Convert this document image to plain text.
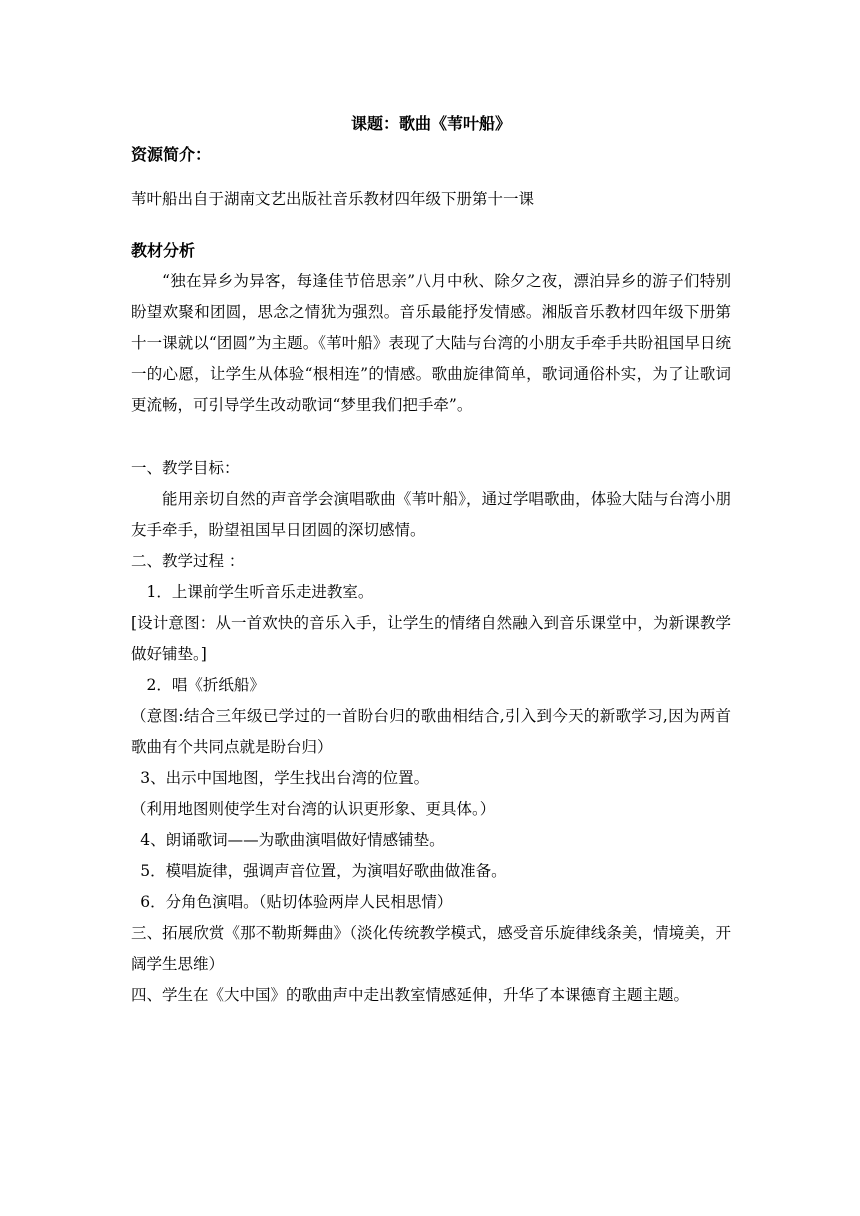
课题：歌曲《苇叶船》

资源简介：

苇叶船出自于湖南文艺出版社音乐教材四年级下册第十一课

教材分析

“独在异乡为异客，每逢佳节倍思亲”八月中秋、除夕之夜，漂泊异乡的游子们特别盼望欢聚和团圆，思念之情犹为强烈。音乐最能抒发情感。湘版音乐教材四年级下册第十一课就以“团圆”为主题。《苇叶船》表现了大陆与台湾的小朋友手牵手共盼祖国早日统一的心愿，让学生从体验“根相连”的情感。歌曲旋律简单，歌词通俗朴实，为了让歌词更流畅，可引导学生改动歌词“梦里我们把手牵”。

一、教学目标：

能用亲切自然的声音学会演唱歌曲《苇叶船》，通过学唱歌曲，体验大陆与台湾小朋友手牵手，盼望祖国早日团圆的深切感情。

二、教学过程 ：

1．上课前学生听音乐走进教室。

[设计意图：从一首欢快的音乐入手，让学生的情绪自然融入到音乐课堂中，为新课教学做好铺垫。]

2．唱《折纸船》

（意图:结合三年级已学过的一首盼台归的歌曲相结合,引入到今天的新歌学习,因为两首歌曲有个共同点就是盼台归）

3、出示中国地图，学生找出台湾的位置。

（利用地图则使学生对台湾的认识更形象、更具体。）

4、朗诵歌词——为歌曲演唱做好情感铺垫。

5．模唱旋律，强调声音位置，为演唱好歌曲做准备。

6．分角色演唱。（贴切体验两岸人民相思情）

三、拓展欣赏《那不勒斯舞曲》（淡化传统教学模式，感受音乐旋律线条美，情境美，开阔学生思维）

四、学生在《大中国》的歌曲声中走出教室情感延伸，升华了本课德育主题主题。
